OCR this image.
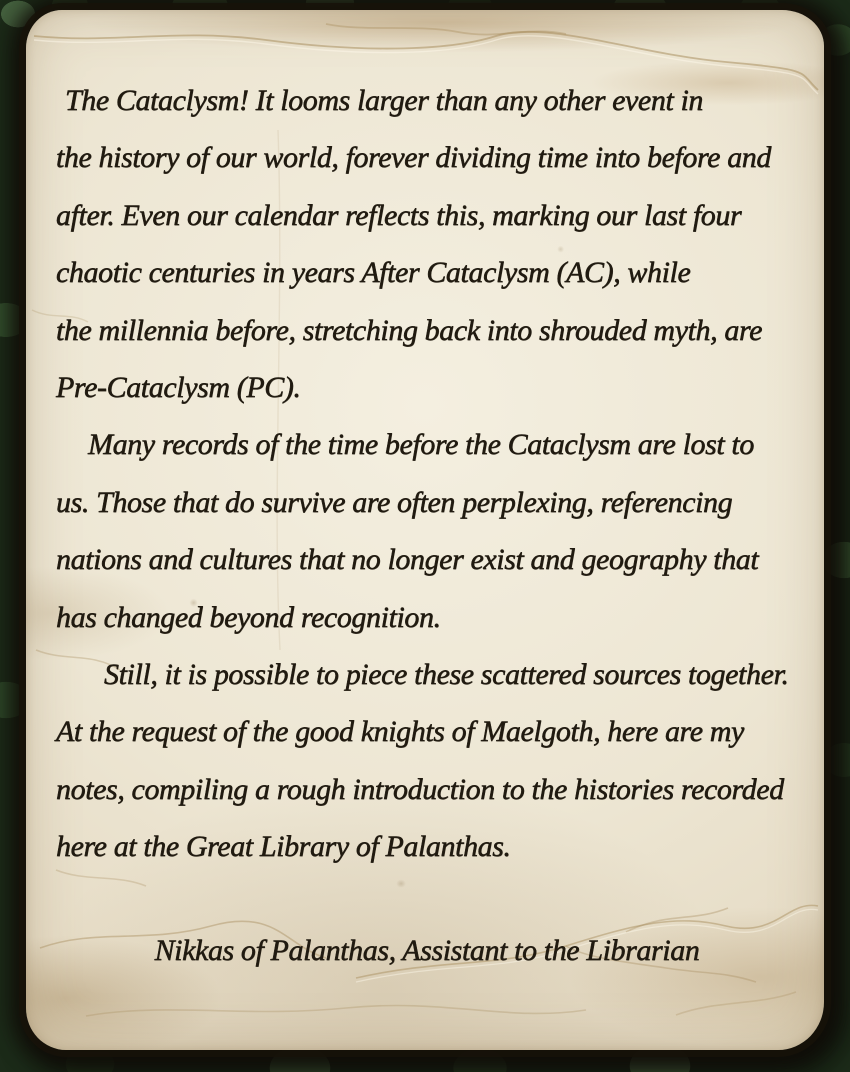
The Cataclysm! It looms larger than any other event in
the history of our world, forever dividing time into before and
after. Even our calendar reflects this, marking our last four
chaotic centuries in years After Cataclysm (AC), while
the millennia before, stretching back into shrouded myth, are
Pre-Cataclysm (PC).
Many records of the time before the Cataclysm are lost to
us. Those that do survive are often perplexing, referencing
nations and cultures that no longer exist and geography that
has changed beyond recognition.
Still, it is possible to piece these scattered sources together.
At the request of the good knights of Maelgoth, here are my
notes, compiling a rough introduction to the histories recorded
here at the Great Library of Palanthas.
Nikkas of Palanthas, Assistant to the Librarian
